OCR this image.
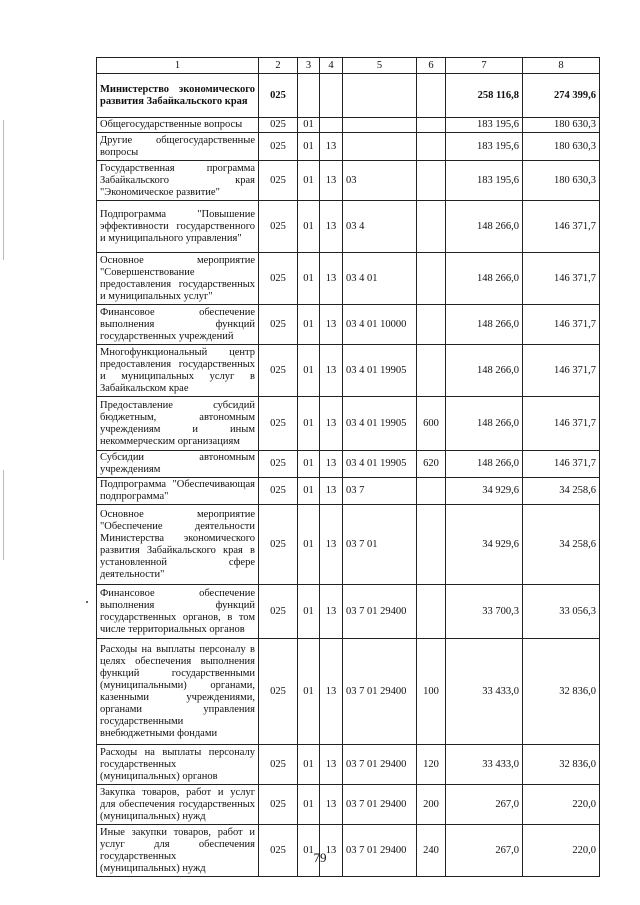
1	2	3	4	5	6	7	8
Министерство экономического развития Забайкальского края	025					258 116,8	274 399,6
Общегосударственные вопросы	025	01				183 195,6	180 630,3
Другие общегосударственные вопросы	025	01	13			183 195,6	180 630,3
Государственная программа Забайкальского края "Экономическое развитие"	025	01	13	03		183 195,6	180 630,3
Подпрограмма "Повышение эффективности государственного и муниципального управления"	025	01	13	03 4		148 266,0	146 371,7
Основное мероприятие "Совершенствование предоставления государственных и муниципальных услуг"	025	01	13	03 4 01		148 266,0	146 371,7
Финансовое обеспечение выполнения функций государственных учреждений	025	01	13	03 4 01 10000		148 266,0	146 371,7
Многофункциональный центр предоставления государственных и муниципальных услуг в Забайкальском крае	025	01	13	03 4 01 19905		148 266,0	146 371,7
Предоставление субсидий бюджетным, автономным учреждениям и иным некоммерческим организациям	025	01	13	03 4 01 19905	600	148 266,0	146 371,7
Субсидии автономным учреждениям	025	01	13	03 4 01 19905	620	148 266,0	146 371,7
Подпрограмма "Обеспечивающая подпрограмма"	025	01	13	03 7		34 929,6	34 258,6
Основное мероприятие "Обеспечение деятельности Министерства экономического развития Забайкальского края в установленной сфере деятельности"	025	01	13	03 7 01		34 929,6	34 258,6
Финансовое обеспечение выполнения функций государственных органов, в том числе территориальных органов	025	01	13	03 7 01 29400		33 700,3	33 056,3
Расходы на выплаты персоналу в целях обеспечения выполнения функций государственными (муниципальными) органами, казенными учреждениями, органами управления государственными внебюджетными фондами	025	01	13	03 7 01 29400	100	33 433,0	32 836,0
Расходы на выплаты персоналу государственных (муниципальных) органов	025	01	13	03 7 01 29400	120	33 433,0	32 836,0
Закупка товаров, работ и услуг для обеспечения государственных (муниципальных) нужд	025	01	13	03 7 01 29400	200	267,0	220,0
Иные закупки товаров, работ и услуг для обеспечения государственных (муниципальных) нужд	025	01	13	03 7 01 29400	240	267,0	220,0
79
